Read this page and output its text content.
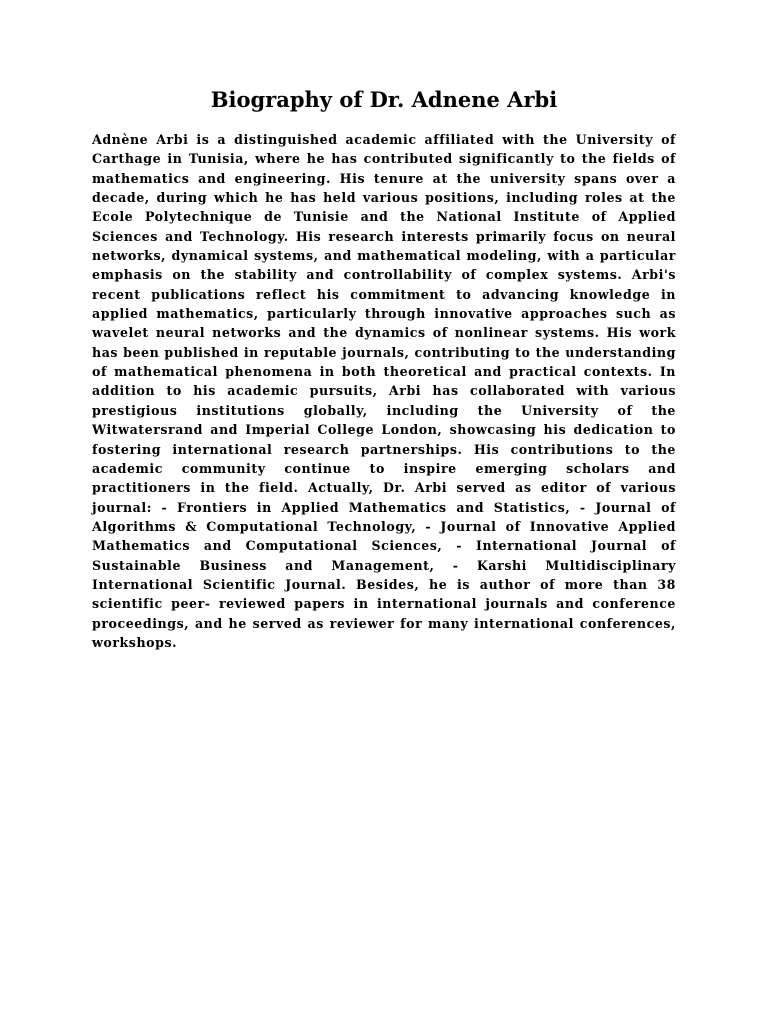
Biography of Dr. Adnene Arbi

Adnène Arbi is a distinguished academic affiliated with the University of Carthage in Tunisia, where he has contributed significantly to the fields of mathematics and engineering. His tenure at the university spans over a decade, during which he has held various positions, including roles at the Ecole Polytechnique de Tunisie and the National Institute of Applied Sciences and Technology. His research interests primarily focus on neural networks, dynamical systems, and mathematical modeling, with a particular emphasis on the stability and controllability of complex systems. Arbi's recent publications reflect his commitment to advancing knowledge in applied mathematics, particularly through innovative approaches such as wavelet neural networks and the dynamics of nonlinear systems. His work has been published in reputable journals, contributing to the understanding of mathematical phenomena in both theoretical and practical contexts. In addition to his academic pursuits, Arbi has collaborated with various prestigious institutions globally, including the University of the Witwatersrand and Imperial College London, showcasing his dedication to fostering international research partnerships. His contributions to the academic community continue to inspire emerging scholars and practitioners in the field. Actually, Dr. Arbi served as editor of various journal: - Frontiers in Applied Mathematics and Statistics, - Journal of Algorithms & Computational Technology, - Journal of Innovative Applied Mathematics and Computational Sciences, - International Journal of Sustainable Business and Management, - Karshi Multidisciplinary International Scientific Journal. Besides, he is author of more than 38 scientific peer- reviewed papers in international journals and conference proceedings, and he served as reviewer for many international conferences, workshops.
